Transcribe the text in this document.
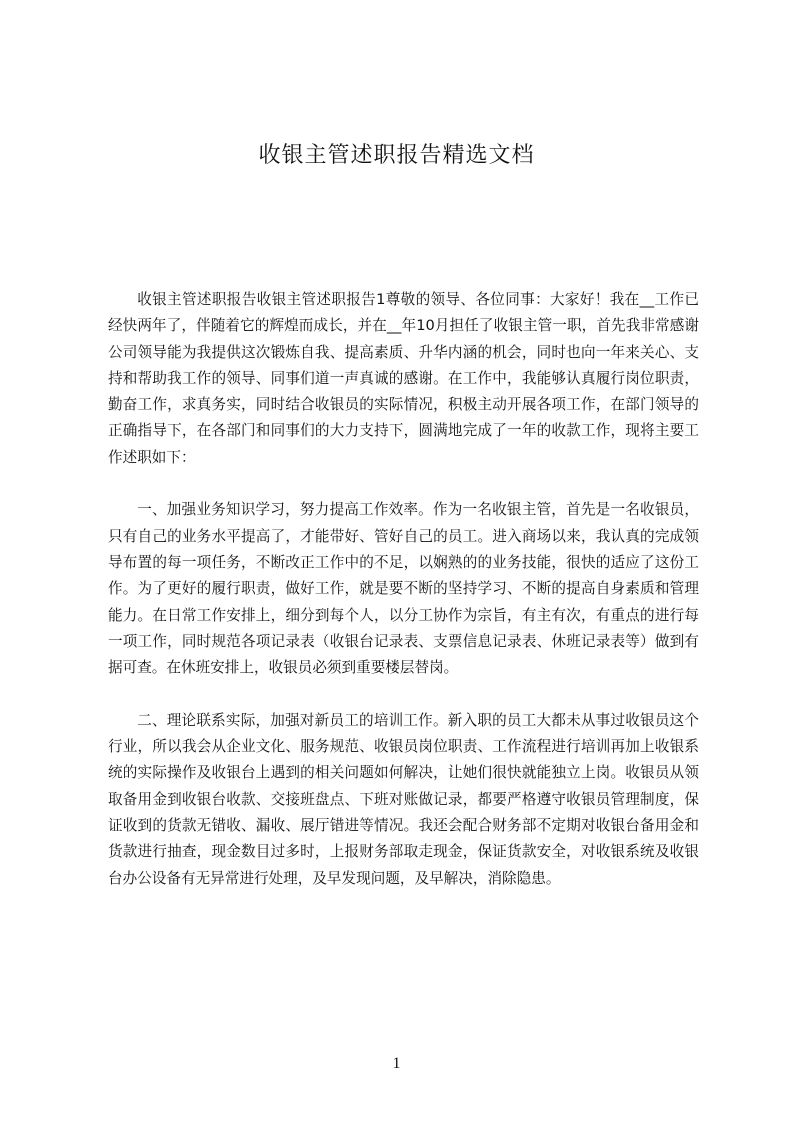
收银主管述职报告精选文档

收银主管述职报告收银主管述职报告1尊敬的领导、各位同事：大家好！我在__工作已经快两年了，伴随着它的辉煌而成长，并在__年10月担任了收银主管一职，首先我非常感谢公司领导能为我提供这次锻炼自我、提高素质、升华内涵的机会，同时也向一年来关心、支持和帮助我工作的领导、同事们道一声真诚的感谢。在工作中，我能够认真履行岗位职责，勤奋工作，求真务实，同时结合收银员的实际情况，积极主动开展各项工作，在部门领导的正确指导下，在各部门和同事们的大力支持下，圆满地完成了一年的收款工作，现将主要工作述职如下：

一、加强业务知识学习，努力提高工作效率。作为一名收银主管，首先是一名收银员，只有自己的业务水平提高了，才能带好、管好自己的员工。进入商场以来，我认真的完成领导布置的每一项任务，不断改正工作中的不足，以娴熟的的业务技能，很快的适应了这份工作。为了更好的履行职责，做好工作，就是要不断的坚持学习、不断的提高自身素质和管理能力。在日常工作安排上，细分到每个人，以分工协作为宗旨，有主有次，有重点的进行每一项工作，同时规范各项记录表（收银台记录表、支票信息记录表、休班记录表等）做到有据可查。在休班安排上，收银员必须到重要楼层替岗。

二、理论联系实际，加强对新员工的培训工作。新入职的员工大都未从事过收银员这个行业，所以我会从企业文化、服务规范、收银员岗位职责、工作流程进行培训再加上收银系统的实际操作及收银台上遇到的相关问题如何解决，让她们很快就能独立上岗。收银员从领取备用金到收银台收款、交接班盘点、下班对账做记录，都要严格遵守收银员管理制度，保证收到的货款无错收、漏收、展厅错进等情况。我还会配合财务部不定期对收银台备用金和货款进行抽查，现金数目过多时，上报财务部取走现金，保证货款安全，对收银系统及收银台办公设备有无异常进行处理，及早发现问题，及早解决，消除隐患。

1
